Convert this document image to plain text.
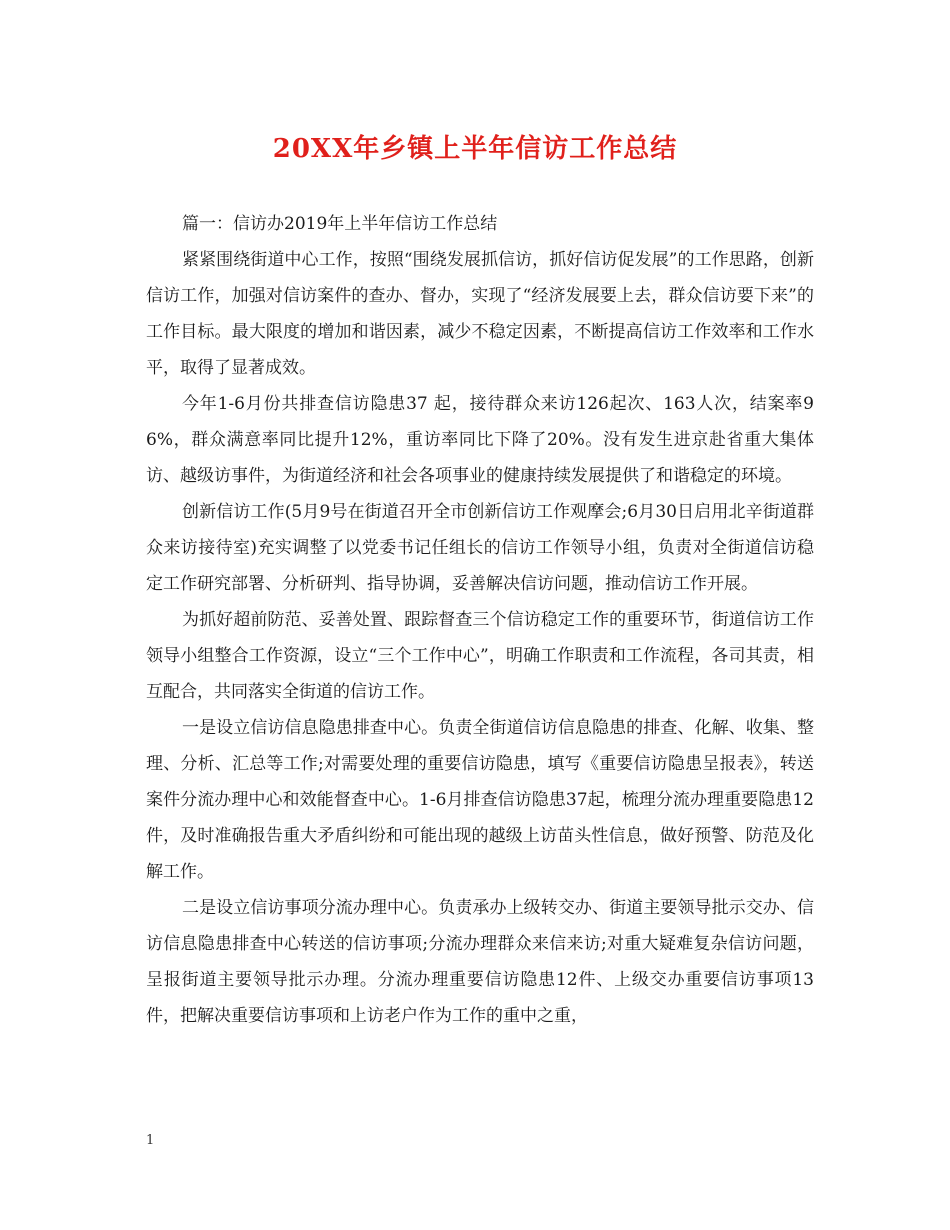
20XX年乡镇上半年信访工作总结

篇一：信访办2019年上半年信访工作总结

紧紧围绕街道中心工作，按照“围绕发展抓信访，抓好信访促发展”的工作思路，创新信访工作，加强对信访案件的查办、督办，实现了“经济发展要上去，群众信访要下来”的工作目标。最大限度的增加和谐因素，减少不稳定因素，不断提高信访工作效率和工作水平，取得了显著成效。

今年1-6月份共排查信访隐患37 起，接待群众来访126起次、163人次，结案率96%，群众满意率同比提升12%，重访率同比下降了20%。没有发生进京赴省重大集体访、越级访事件，为街道经济和社会各项事业的健康持续发展提供了和谐稳定的环境。

创新信访工作(5月9号在街道召开全市创新信访工作观摩会;6月30日启用北辛街道群众来访接待室)充实调整了以党委书记任组长的信访工作领导小组，负责对全街道信访稳定工作研究部署、分析研判、指导协调，妥善解决信访问题，推动信访工作开展。

为抓好超前防范、妥善处置、跟踪督查三个信访稳定工作的重要环节，街道信访工作领导小组整合工作资源，设立“三个工作中心”，明确工作职责和工作流程，各司其责，相互配合，共同落实全街道的信访工作。

一是设立信访信息隐患排查中心。负责全街道信访信息隐患的排查、化解、收集、整理、分析、汇总等工作;对需要处理的重要信访隐患，填写《重要信访隐患呈报表》，转送案件分流办理中心和效能督查中心。1-6月排查信访隐患37起，梳理分流办理重要隐患12件，及时准确报告重大矛盾纠纷和可能出现的越级上访苗头性信息，做好预警、防范及化解工作。

二是设立信访事项分流办理中心。负责承办上级转交办、街道主要领导批示交办、信访信息隐患排查中心转送的信访事项;分流办理群众来信来访;对重大疑难复杂信访问题，呈报街道主要领导批示办理。分流办理重要信访隐患12件、上级交办重要信访事项13件，把解决重要信访事项和上访老户作为工作的重中之重，

1
